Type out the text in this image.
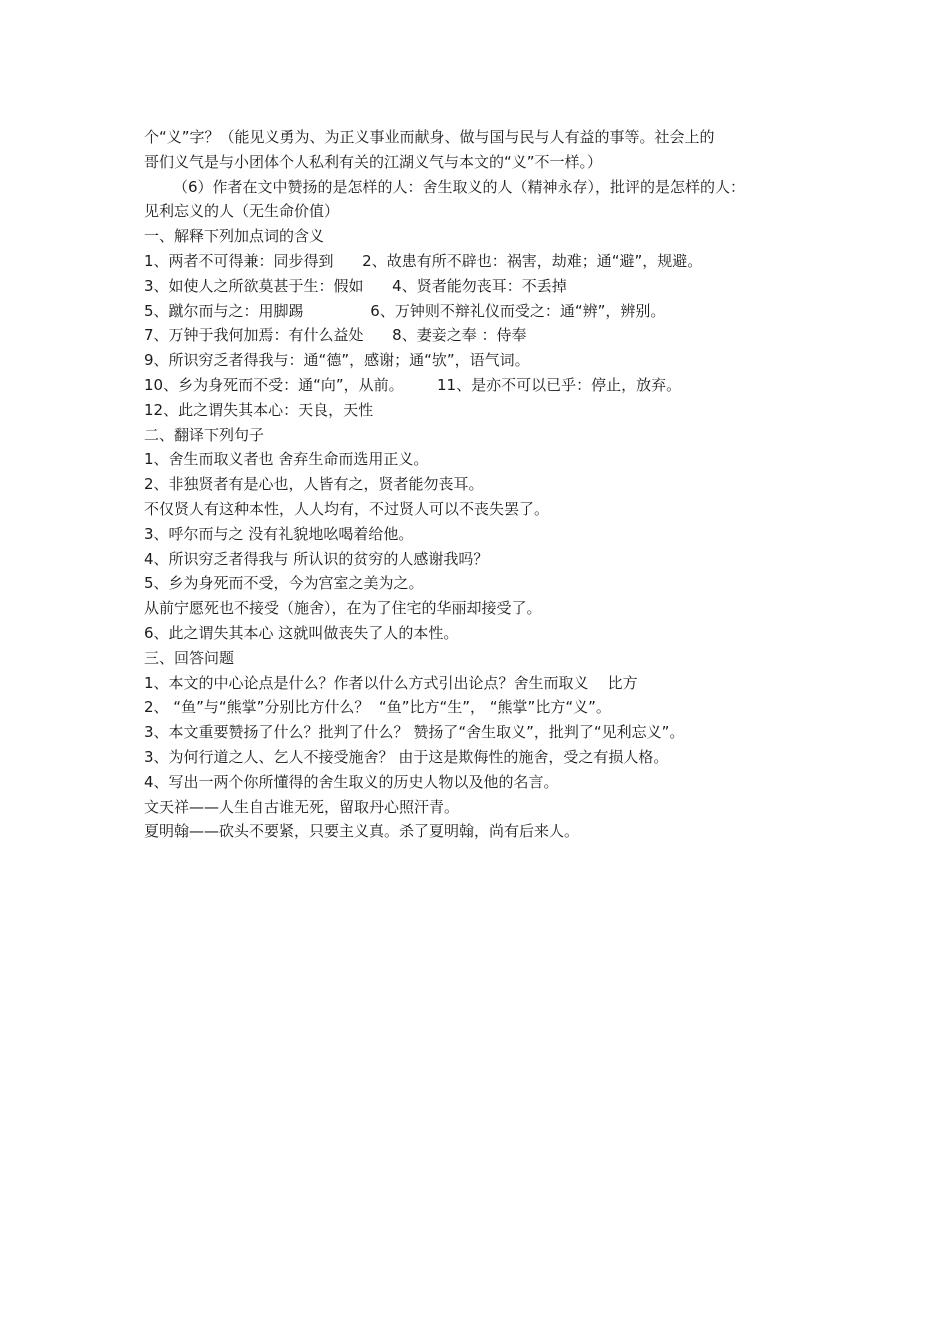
个“义”字？（能见义勇为、为正义事业而献身、做与国与民与人有益的事等。社会上的
哥们义气是与小团体个人私利有关的江湖义气与本文的“义”不一样。）
（6）作者在文中赞扬的是怎样的人：舍生取义的人（精神永存），批评的是怎样的人：
见利忘义的人（无生命价值）
一、解释下列加点词的含义
1、两者不可得兼：同步得到      2、故患有所不辟也：祸害，劫难；通“避”，规避。
3、如使人之所欲莫甚于生：假如      4、贤者能勿丧耳：不丢掉
5、蹴尔而与之：用脚踢              6、万钟则不辩礼仪而受之：通“辨”，辨别。
7、万钟于我何加焉：有什么益处      8、妻妾之奉 ：侍奉
9、所识穷乏者得我与：通“德”，感谢；通“欤”，语气词。
10、乡为身死而不受：通“向”，从前。       11、是亦不可以已乎：停止，放弃。
12、此之谓失其本心：天良，天性
二、翻译下列句子
1、舍生而取义者也 舍弃生命而选用正义。
2、非独贤者有是心也，人皆有之，贤者能勿丧耳。
不仅贤人有这种本性，人人均有，不过贤人可以不丧失罢了。
3、呼尔而与之 没有礼貌地吆喝着给他。
4、所识穷乏者得我与 所认识的贫穷的人感谢我吗？
5、乡为身死而不受，今为宫室之美为之。
从前宁愿死也不接受（施舍），在为了住宅的华丽却接受了。
6、此之谓失其本心 这就叫做丧失了人的本性。
三、回答问题
1、本文的中心论点是什么？作者以什么方式引出论点？舍生而取义    比方
2、 “鱼”与“熊掌”分别比方什么？  “鱼”比方“生”， “熊掌”比方“义”。
3、本文重要赞扬了什么？批判了什么？ 赞扬了“舍生取义”，批判了“见利忘义”。
3、为何行道之人、乞人不接受施舍？ 由于这是欺侮性的施舍，受之有损人格。
4、写出一两个你所懂得的舍生取义的历史人物以及他的名言。
文天祥——人生自古谁无死，留取丹心照汗青。
夏明翰——砍头不要紧，只要主义真。杀了夏明翰，尚有后来人。
